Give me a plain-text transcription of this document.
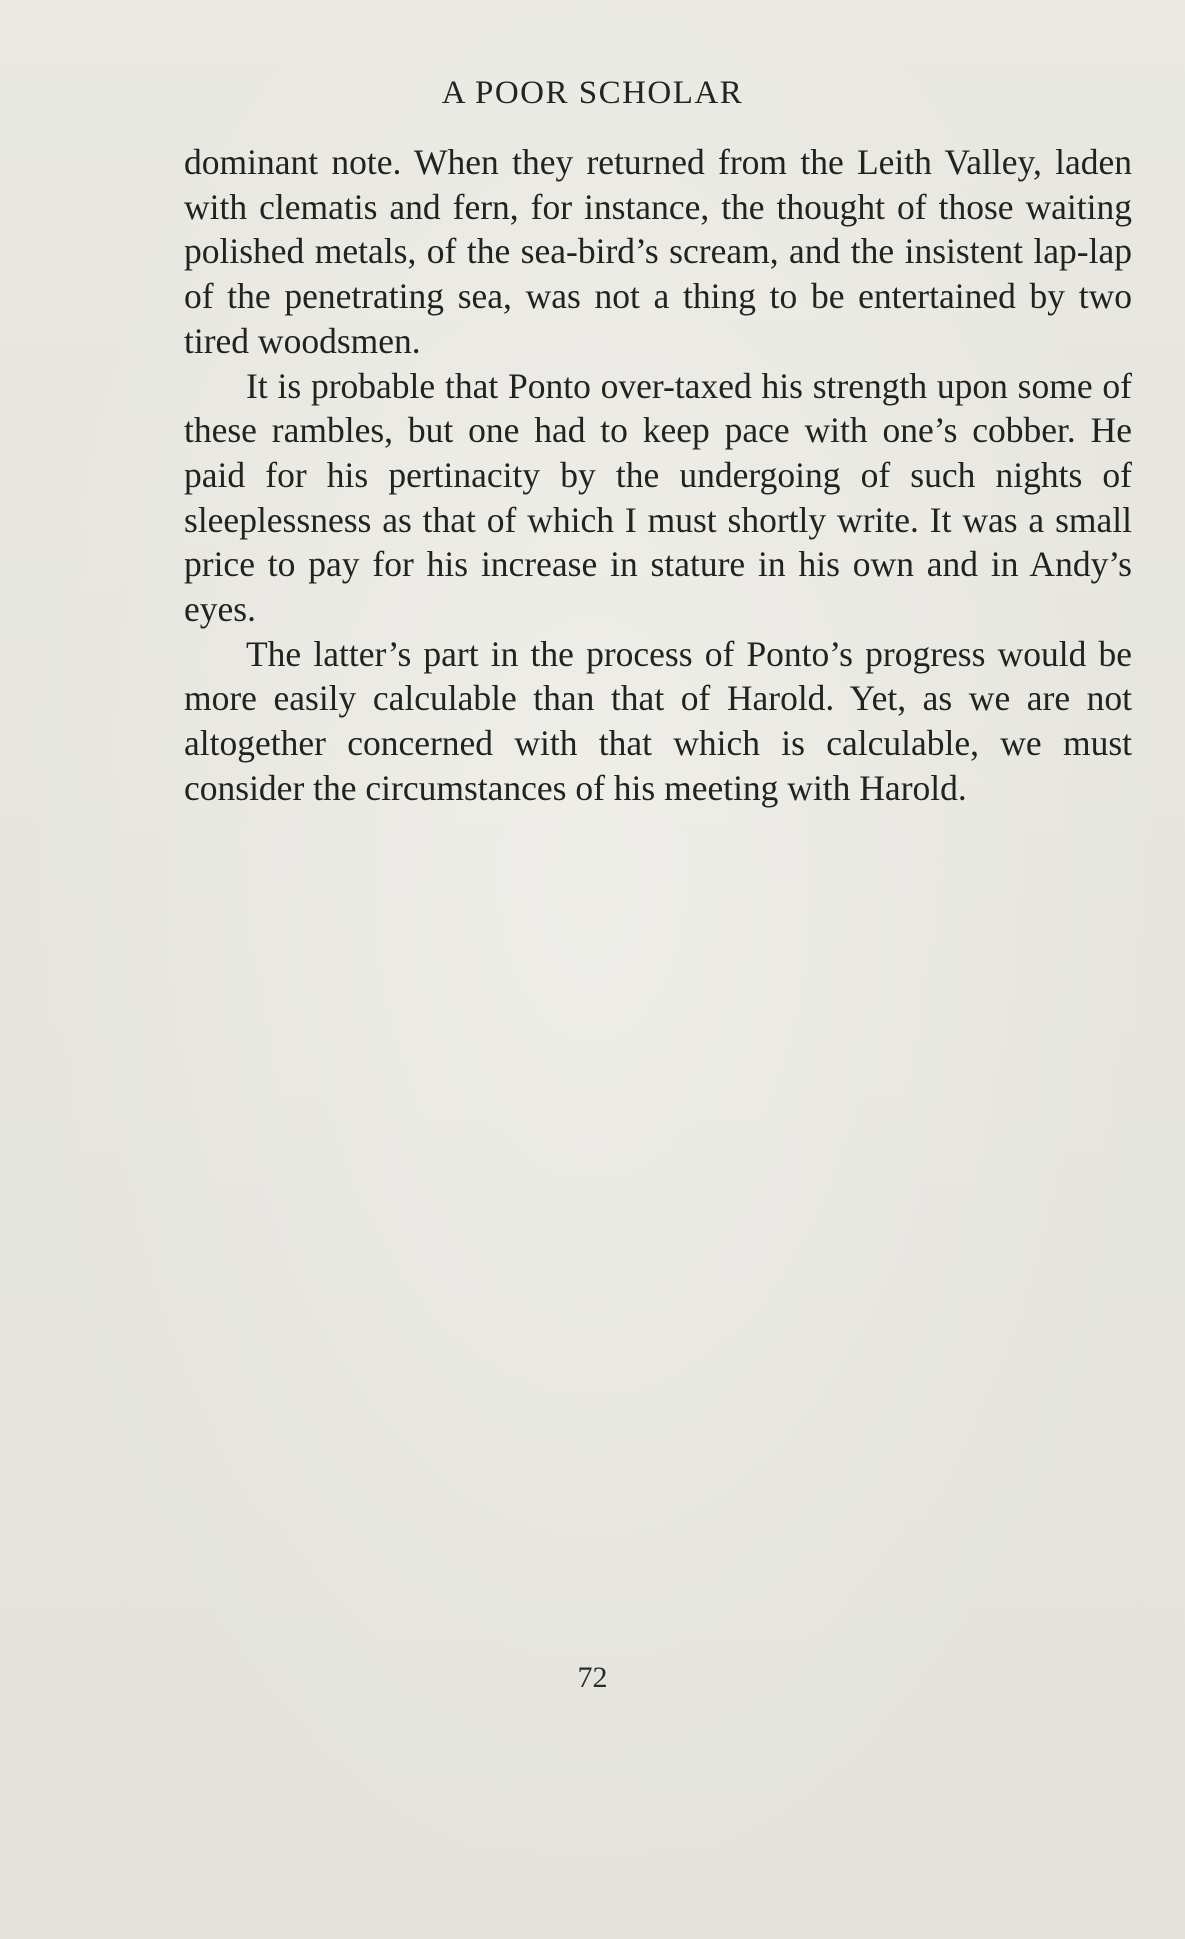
A POOR SCHOLAR

dominant note. When they returned from the Leith Valley, laden with clematis and fern, for instance, the thought of those waiting polished metals, of the sea-bird’s scream, and the insistent lap-lap of the penetrating sea, was not a thing to be entertained by two tired woodsmen.

It is probable that Ponto over-taxed his strength upon some of these rambles, but one had to keep pace with one’s cobber. He paid for his pertinacity by the undergoing of such nights of sleeplessness as that of which I must shortly write. It was a small price to pay for his increase in stature in his own and in Andy’s eyes.

The latter’s part in the process of Ponto’s progress would be more easily calculable than that of Harold. Yet, as we are not altogether concerned with that which is calculable, we must consider the circumstances of his meeting with Harold.

72
